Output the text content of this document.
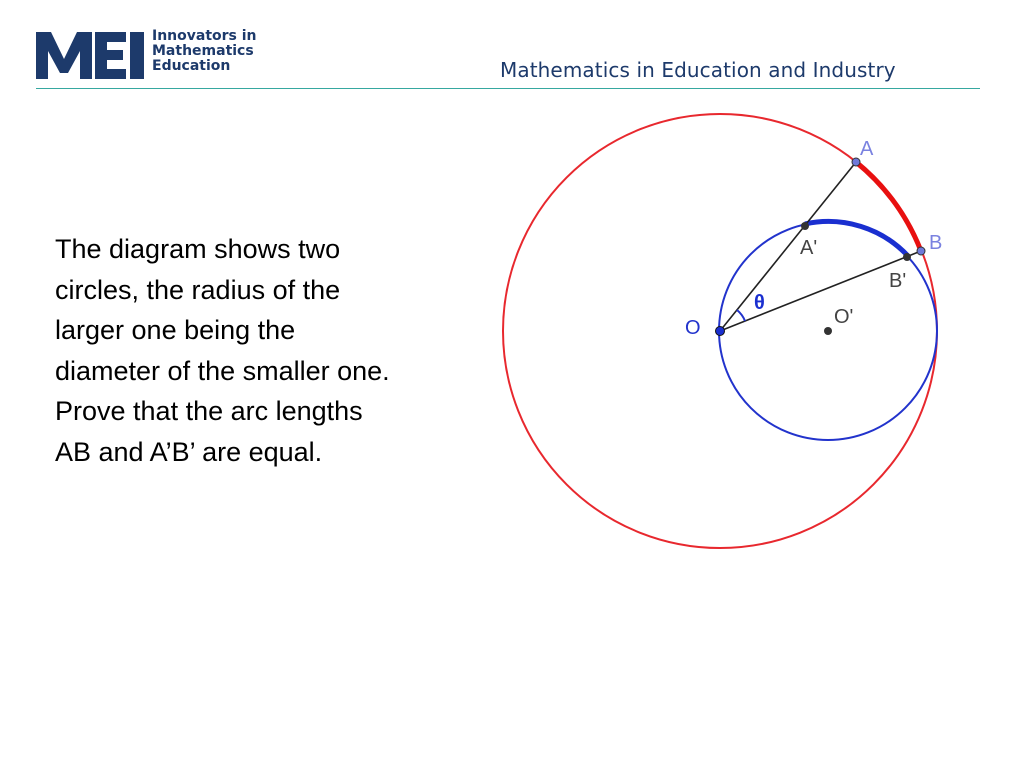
Innovators in
Mathematics
Education	Mathematics in Education and Industry
The diagram shows two
circles, the radius of the
larger one being the
diameter of the smaller one.
Prove that the arc lengths
AB and A’B’ are equal.
A
B
A'
B'
O	O'
θ
